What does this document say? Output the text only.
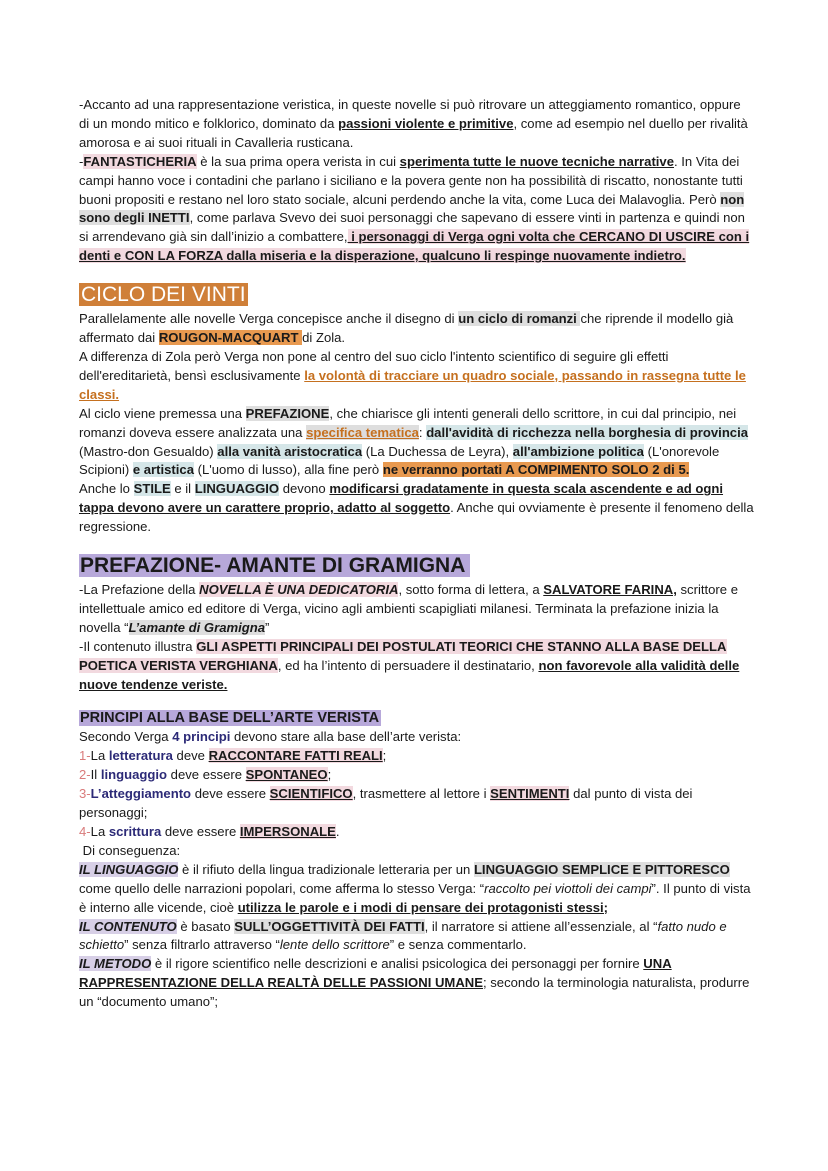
-Accanto ad una rappresentazione veristica, in queste novelle si può ritrovare un atteggiamento romantico, oppure di un mondo mitico e folklorico, dominato da passioni violente e primitive, come ad esempio nel duello per rivalità amorosa e ai suoi rituali in Cavalleria rusticana.

-FANTASTICHERIA è la sua prima opera verista in cui sperimenta tutte le nuove tecniche narrative. In Vita dei campi hanno voce i contadini che parlano i siciliano e la povera gente non ha possibilità di riscatto, nonostante tutti buoni propositi e restano nel loro stato sociale, alcuni perdendo anche la vita, come Luca dei Malavoglia. Però non sono degli INETTI, come parlava Svevo dei suoi personaggi che sapevano di essere vinti in partenza e quindi non si arrendevano già sin dall’inizio a combattere, i personaggi di Verga ogni volta che CERCANO DI USCIRE con i denti e CON LA FORZA dalla miseria e la disperazione, qualcuno li respinge nuovamente indietro.

CICLO DEI VINTI

Parallelamente alle novelle Verga concepisce anche il disegno di un ciclo di romanzi che riprende il modello già affermato dai ROUGON-MACQUART di Zola.

A differenza di Zola però Verga non pone al centro del suo ciclo l'intento scientifico di seguire gli effetti dell'ereditarietà, bensì esclusivamente la volontà di tracciare un quadro sociale, passando in rassegna tutte le classi.

Al ciclo viene premessa una PREFAZIONE, che chiarisce gli intenti generali dello scrittore, in cui dal principio, nei romanzi doveva essere analizzata una specifica tematica: dall'avidità di ricchezza nella borghesia di provincia (Mastro-don Gesualdo) alla vanità aristocratica (La Duchessa de Leyra), all'ambizione politica (L'onorevole Scipioni) e artistica (L'uomo di lusso), alla fine però ne verranno portati A COMPIMENTO SOLO 2 di 5.

Anche lo STILE e il LINGUAGGIO devono modificarsi gradatamente in questa scala ascendente e ad ogni tappa devono avere un carattere proprio, adatto al soggetto. Anche qui ovviamente è presente il fenomeno della regressione.

PREFAZIONE- AMANTE DI GRAMIGNA

-La Prefazione della NOVELLA È UNA DEDICATORIA, sotto forma di lettera, a SALVATORE FARINA, scrittore e intellettuale amico ed editore di Verga, vicino agli ambienti scapigliati milanesi. Terminata la prefazione inizia la novella “L’amante di Gramigna”

-Il contenuto illustra GLI ASPETTI PRINCIPALI DEI POSTULATI TEORICI CHE STANNO ALLA BASE DELLA POETICA VERISTA VERGHIANA, ed ha l’intento di persuadere il destinatario, non favorevole alla validità delle nuove tendenze veriste.

PRINCIPI ALLA BASE DELL’ARTE VERISTA

Secondo Verga 4 principi devono stare alla base dell’arte verista:

1-La letteratura deve RACCONTARE FATTI REALI;

2-Il linguaggio deve essere SPONTANEO;

3-L’atteggiamento deve essere SCIENTIFICO, trasmettere al lettore i SENTIMENTI dal punto di vista dei personaggi;

4-La scrittura deve essere IMPERSONALE.

Di conseguenza:

IL LINGUAGGIO è il rifiuto della lingua tradizionale letteraria per un LINGUAGGIO SEMPLICE E PITTORESCO come quello delle narrazioni popolari, come afferma lo stesso Verga: “raccolto pei viottoli dei campi”. Il punto di vista è interno alle vicende, cioè utilizza le parole e i modi di pensare dei protagonisti stessi;

IL CONTENUTO è basato SULL’OGGETTIVITÀ DEI FATTI, il narratore si attiene all’essenziale, al “fatto nudo e schietto” senza filtrarlo attraverso “lente dello scrittore” e senza commentarlo.

IL METODO è il rigore scientifico nelle descrizioni e analisi psicologica dei personaggi per fornire UNA RAPPRESENTAZIONE DELLA REALTÀ DELLE PASSIONI UMANE; secondo la terminologia naturalista, produrre un “documento umano”;
